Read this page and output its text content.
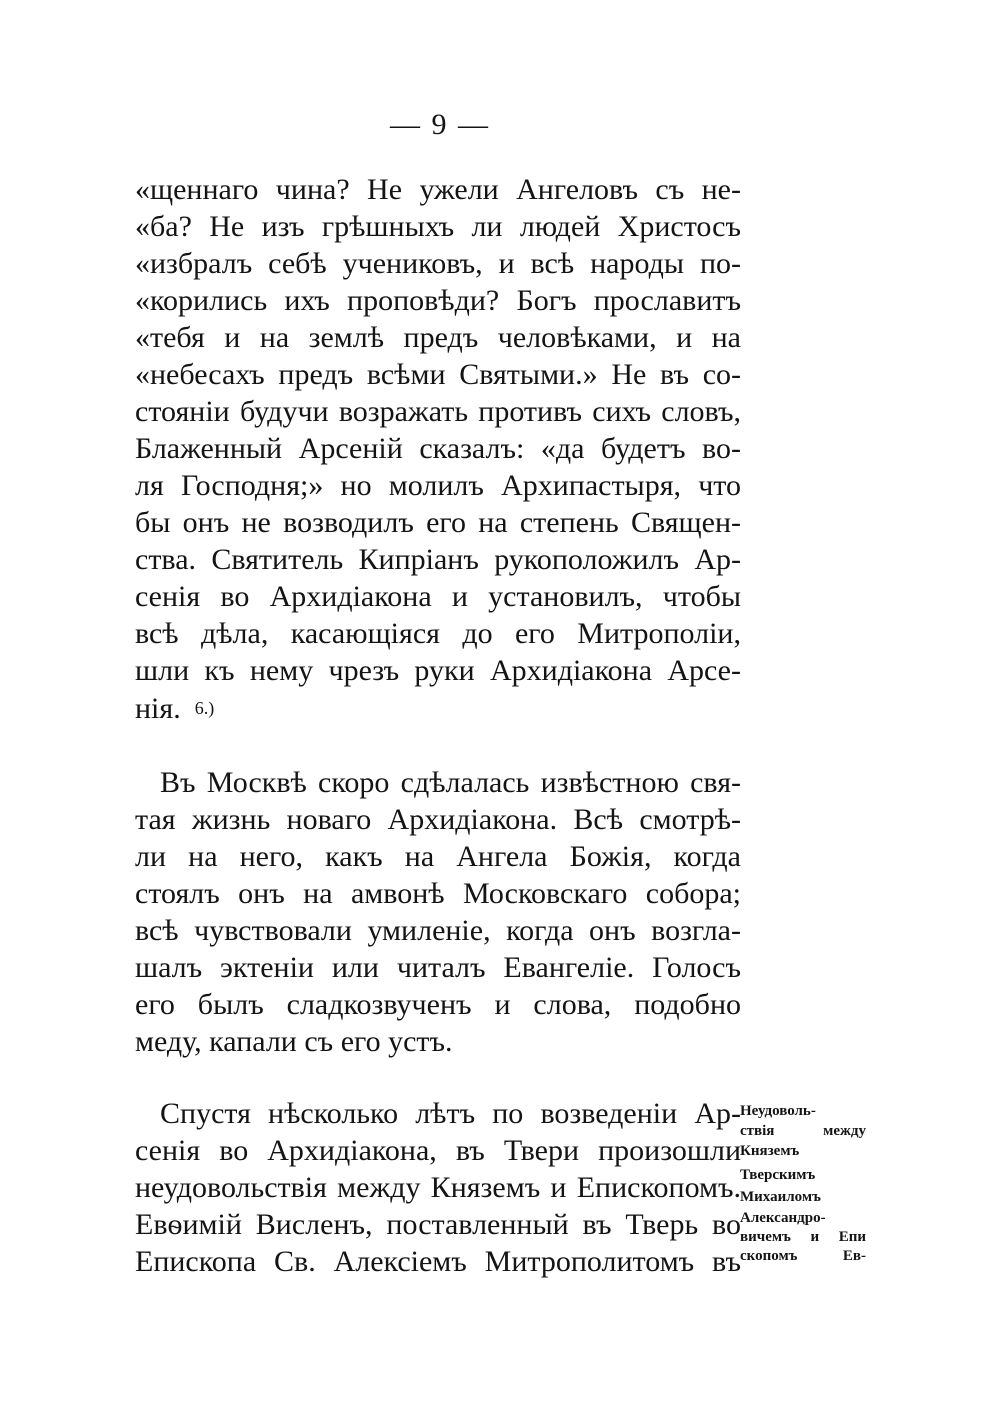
— 9 —
«щеннаго чина? Не ужели Ангеловъ съ не-
«ба? Не изъ грѣшныхъ ли людей Христосъ
«избралъ себѣ учениковъ, и всѣ народы по-
«корились ихъ проповѣди? Богъ прославитъ
«тебя и на землѣ предъ человѣками, и на
«небесахъ предъ всѣми Святыми.» Не въ со-
стояніи будучи возражать противъ сихъ словъ,
Блаженный Арсеній сказалъ: «да будетъ во-
ля Господня;» но молилъ Архипастыря, что
бы онъ не возводилъ его на степень Священ-
ства. Святитель Кипріанъ рукоположилъ Ар-
сенія во Архидіакона и установилъ, чтобы
всѣ дѣла, касающіяся до его Митрополіи,
шли къ нему чрезъ руки Архидіакона Арсе-
нія. 6.)
Въ Москвѣ скоро сдѣлалась извѣстною свя-
тая жизнь новаго Архидіакона. Всѣ смотрѣ-
ли на него, какъ на Ангела Божія, когда
стоялъ онъ на амвонѣ Московскаго собора;
всѣ чувствовали умиленіе, когда онъ возгла-
шалъ эктеніи или читалъ Евангеліе. Голосъ
его былъ сладкозвученъ и слова, подобно
меду, капали съ его устъ.
Спустя нѣсколько лѣтъ по возведеніи Ар-
сенія во Архидіакона, въ Твери произошли
неудовольствія между Княземъ и Епископомъ.
Евѳимій Висленъ, поставленный въ Тверь во
Епископа Св. Алексіемъ Митрополитомъ въ
Неудоволь-
ствія между
Княземъ
Тверскимъ
Михаиломъ
Александро-
вичемъ и Епи
скопомъ Ев-
